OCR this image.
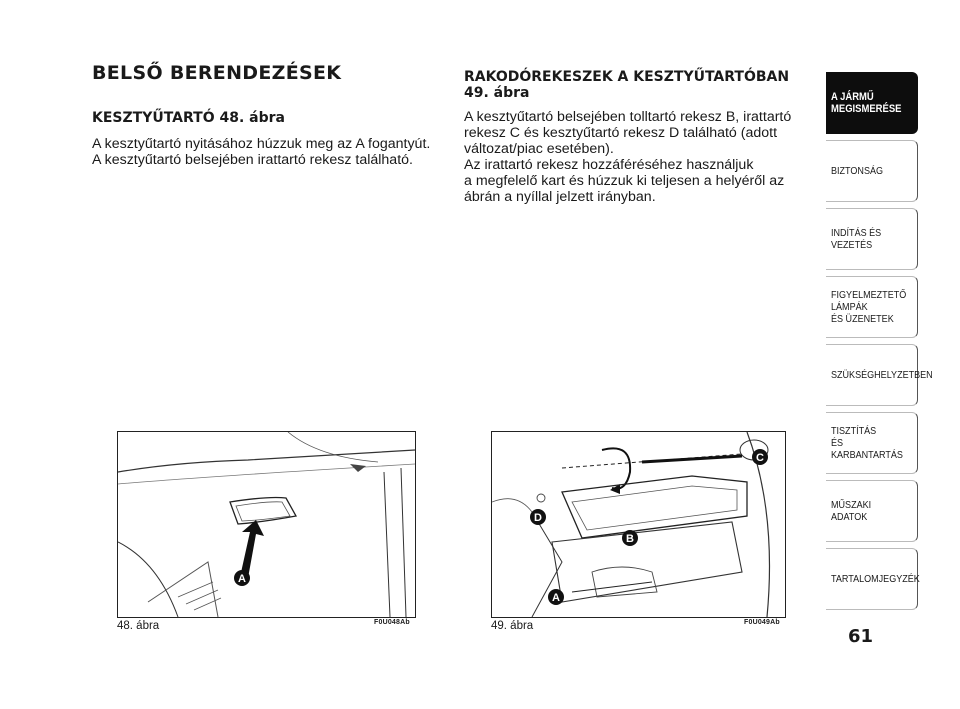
BELSŐ BERENDEZÉSEK
KESZTYŰTARTÓ 48. ábra
A kesztyűtartó nyitásához húzzuk meg az A fogantyút.
A kesztyűtartó belsejében irattartó rekesz található.
RAKODÓREKESZEK A KESZTYŰTARTÓBAN
49. ábra
A kesztyűtartó belsejében tolltartó rekesz B, irattartó
rekesz C és kesztyűtartó rekesz D található (adott
változat/piac esetében).
Az irattartó rekesz hozzáféréséhez használjuk
a megfelelő kart és húzzuk ki teljesen a helyéről az
ábrán a nyíllal jelzett irányban.
A
48. ábra	F0U048Ab
C
D
B
A
49. ábra	F0U049Ab
A JÁRMŰ
MEGISMERÉSE
BIZTONSÁG
INDÍTÁS ÉS VEZETÉS
FIGYELMEZTETŐ
LÁMPÁK
ÉS ÜZENETEK
SZÜKSÉGHELYZETBEN
TISZTÍTÁS
ÉS KARBANTARTÁS
MŰSZAKI ADATOK
TARTALOMJEGYZÉK
61
